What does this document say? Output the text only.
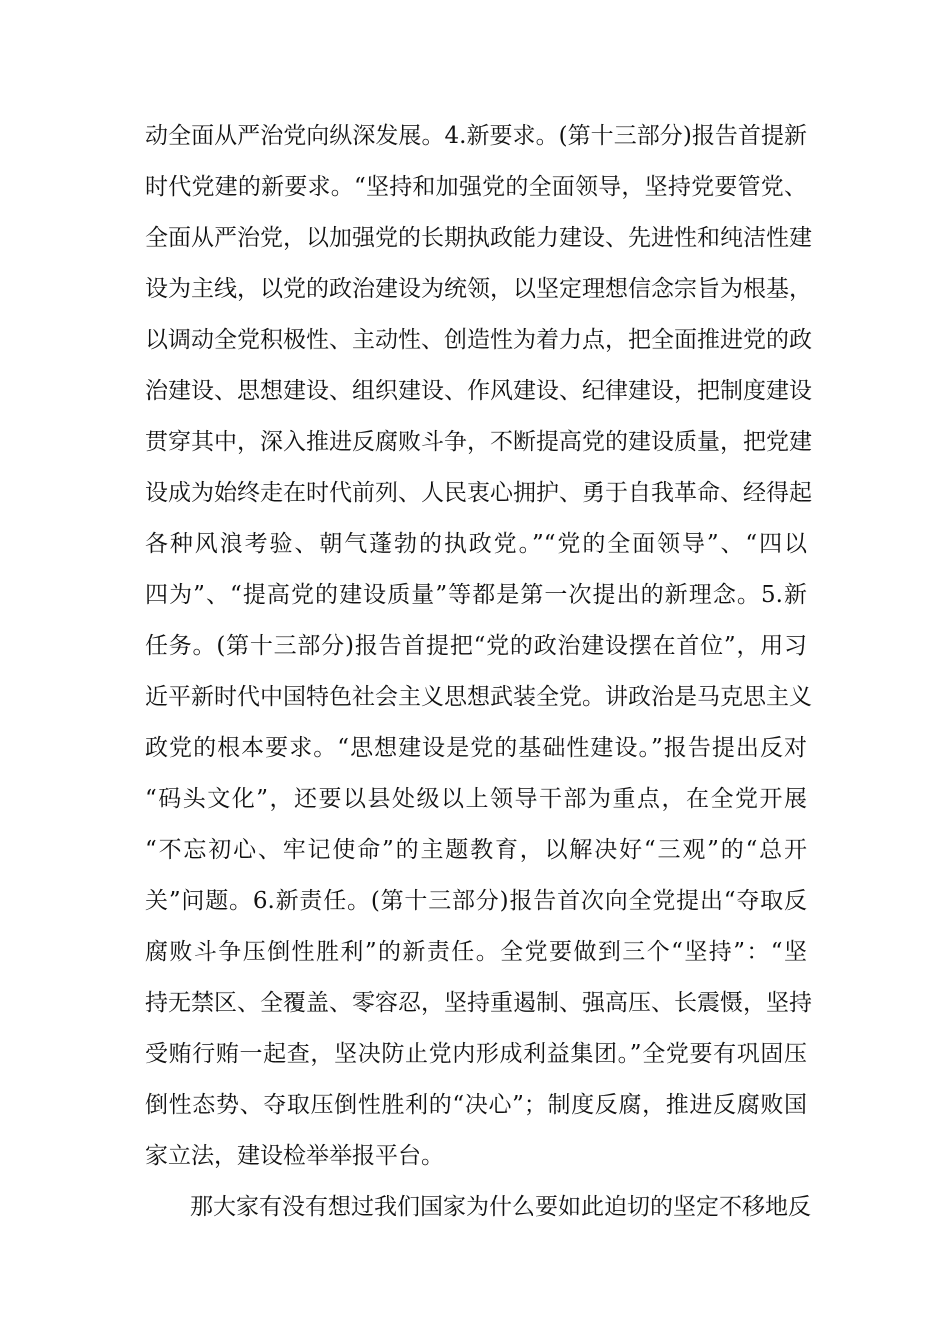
动全面从严治党向纵深发展。4.新要求。(第十三部分)报告首提新
时代党建的新要求。“坚持和加强党的全面领导，坚持党要管党、
全面从严治党，以加强党的长期执政能力建设、先进性和纯洁性建
设为主线，以党的政治建设为统领，以坚定理想信念宗旨为根基，
以调动全党积极性、主动性、创造性为着力点，把全面推进党的政
治建设、思想建设、组织建设、作风建设、纪律建设，把制度建设
贯穿其中，深入推进反腐败斗争，不断提高党的建设质量，把党建
设成为始终走在时代前列、人民衷心拥护、勇于自我革命、经得起
各种风浪考验、朝气蓬勃的执政党。”“党的全面领导”、“四以
四为”、“提高党的建设质量”等都是第一次提出的新理念。5.新
任务。(第十三部分)报告首提把“党的政治建设摆在首位”，用习
近平新时代中国特色社会主义思想武装全党。讲政治是马克思主义
政党的根本要求。“思想建设是党的基础性建设。”报告提出反对
“码头文化”，还要以县处级以上领导干部为重点，在全党开展
“不忘初心、牢记使命”的主题教育，以解决好“三观”的“总开
关”问题。6.新责任。(第十三部分)报告首次向全党提出“夺取反
腐败斗争压倒性胜利”的新责任。全党要做到三个“坚持”：“坚
持无禁区、全覆盖、零容忍，坚持重遏制、强高压、长震慑，坚持
受贿行贿一起查，坚决防止党内形成利益集团。”全党要有巩固压
倒性态势、夺取压倒性胜利的“决心”；制度反腐，推进反腐败国
家立法，建设检举举报平台。
那大家有没有想过我们国家为什么要如此迫切的坚定不移地反
